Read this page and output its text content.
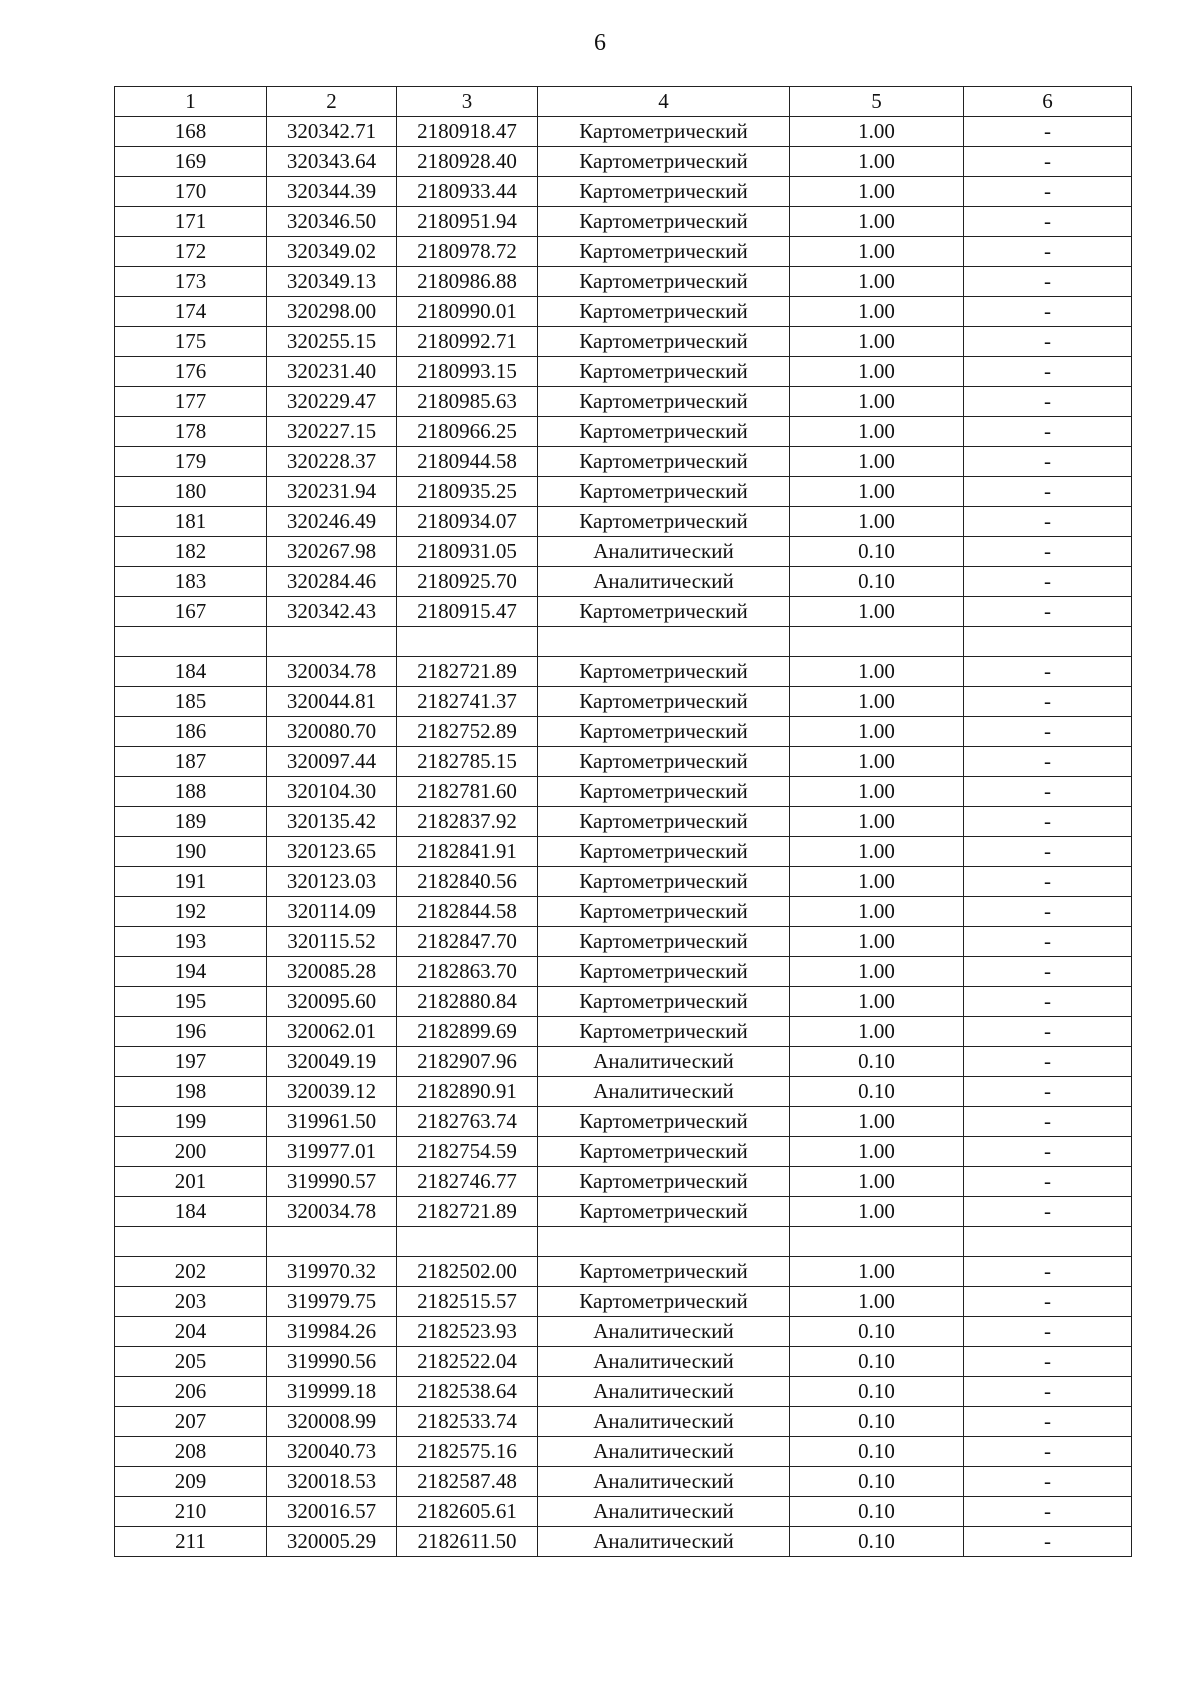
6
1	2	3	4	5	6
168	320342.71	2180918.47	Картометрический	1.00	-
169	320343.64	2180928.40	Картометрический	1.00	-
170	320344.39	2180933.44	Картометрический	1.00	-
171	320346.50	2180951.94	Картометрический	1.00	-
172	320349.02	2180978.72	Картометрический	1.00	-
173	320349.13	2180986.88	Картометрический	1.00	-
174	320298.00	2180990.01	Картометрический	1.00	-
175	320255.15	2180992.71	Картометрический	1.00	-
176	320231.40	2180993.15	Картометрический	1.00	-
177	320229.47	2180985.63	Картометрический	1.00	-
178	320227.15	2180966.25	Картометрический	1.00	-
179	320228.37	2180944.58	Картометрический	1.00	-
180	320231.94	2180935.25	Картометрический	1.00	-
181	320246.49	2180934.07	Картометрический	1.00	-
182	320267.98	2180931.05	Аналитический	0.10	-
183	320284.46	2180925.70	Аналитический	0.10	-
167	320342.43	2180915.47	Картометрический	1.00	-

184	320034.78	2182721.89	Картометрический	1.00	-
185	320044.81	2182741.37	Картометрический	1.00	-
186	320080.70	2182752.89	Картометрический	1.00	-
187	320097.44	2182785.15	Картометрический	1.00	-
188	320104.30	2182781.60	Картометрический	1.00	-
189	320135.42	2182837.92	Картометрический	1.00	-
190	320123.65	2182841.91	Картометрический	1.00	-
191	320123.03	2182840.56	Картометрический	1.00	-
192	320114.09	2182844.58	Картометрический	1.00	-
193	320115.52	2182847.70	Картометрический	1.00	-
194	320085.28	2182863.70	Картометрический	1.00	-
195	320095.60	2182880.84	Картометрический	1.00	-
196	320062.01	2182899.69	Картометрический	1.00	-
197	320049.19	2182907.96	Аналитический	0.10	-
198	320039.12	2182890.91	Аналитический	0.10	-
199	319961.50	2182763.74	Картометрический	1.00	-
200	319977.01	2182754.59	Картометрический	1.00	-
201	319990.57	2182746.77	Картометрический	1.00	-
184	320034.78	2182721.89	Картометрический	1.00	-

202	319970.32	2182502.00	Картометрический	1.00	-
203	319979.75	2182515.57	Картометрический	1.00	-
204	319984.26	2182523.93	Аналитический	0.10	-
205	319990.56	2182522.04	Аналитический	0.10	-
206	319999.18	2182538.64	Аналитический	0.10	-
207	320008.99	2182533.74	Аналитический	0.10	-
208	320040.73	2182575.16	Аналитический	0.10	-
209	320018.53	2182587.48	Аналитический	0.10	-
210	320016.57	2182605.61	Аналитический	0.10	-
211	320005.29	2182611.50	Аналитический	0.10	-
